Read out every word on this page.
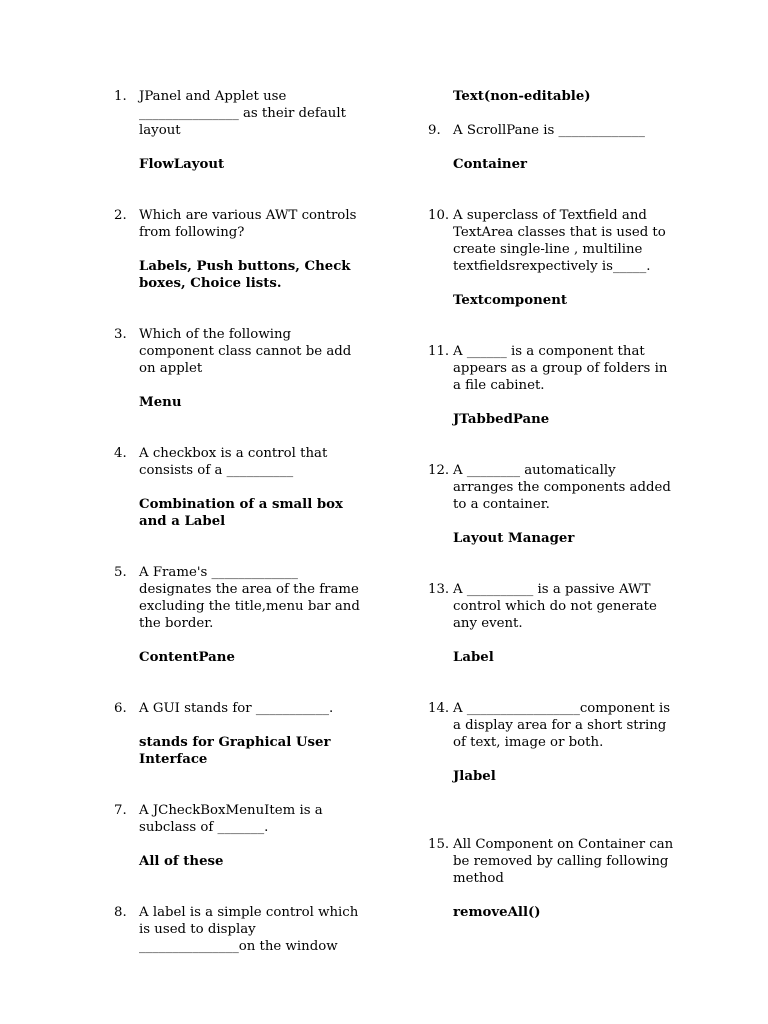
1. JPanel and Applet use _______________ as their default layout

FlowLayout
2. Which are various AWT controls from following?

Labels, Push buttons, Check boxes, Choice lists.
3. Which of the following component class cannot be add on applet

Menu
4. A checkbox is a control that consists of a __________

Combination of a small box and a Label
5. A Frame's _____________ designates the area of the frame excluding the title,menu bar and the border.

ContentPane
6. A GUI stands for ___________.

stands for Graphical User Interface
7. A JCheckBoxMenuItem is a subclass of _______.

All of these
8. A label is a simple control which is used to display _______________on the window

Text(non-editable)
9. A ScrollPane is _____________

Container
10. A superclass of Textfield and TextArea classes that is used to create single-line , multiline textfieldsrexpectively is_____.

Textcomponent
11. A ______ is a component that appears as a group of folders in a file cabinet.

JTabbedPane
12. A ________ automatically arranges the components added to a container.

Layout Manager
13. A __________ is a passive AWT control which do not generate any event.

Label
14. A _________________component is a display area for a short string of text, image or both.

Jlabel
15. All Component on Container can be removed by calling following method

removeAll()
